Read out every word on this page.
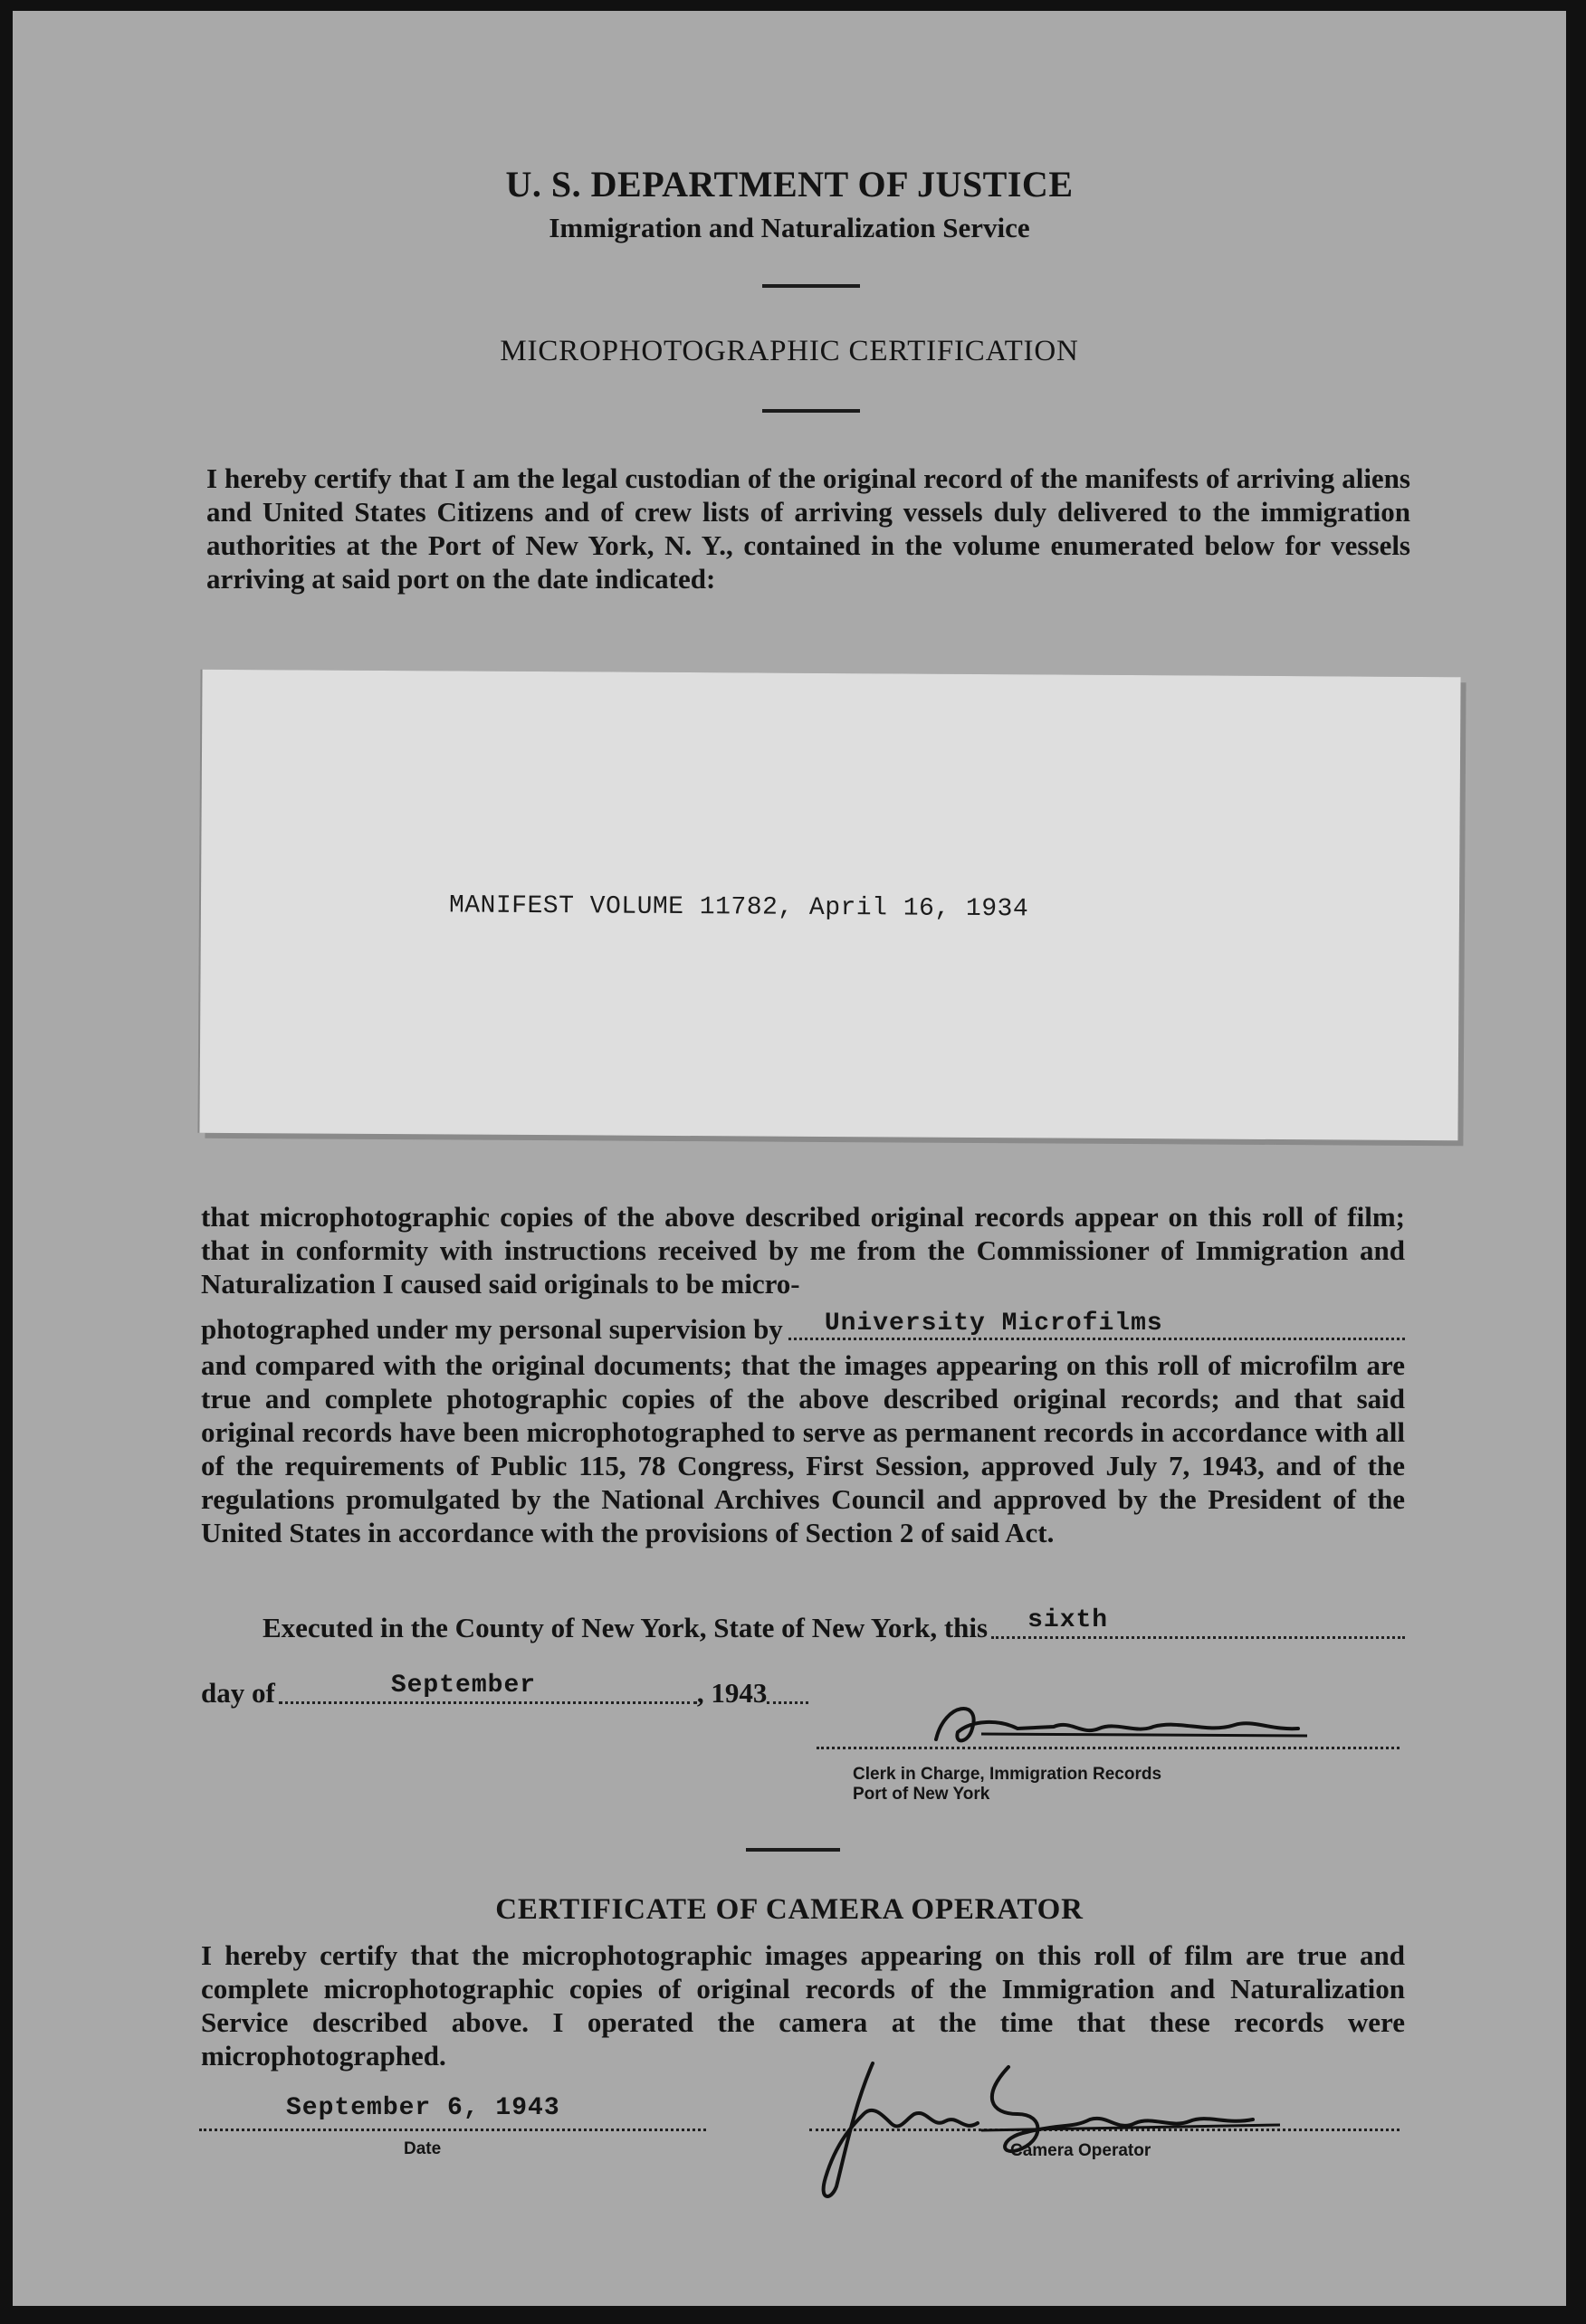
U. S. DEPARTMENT OF JUSTICE
Immigration and Naturalization Service
MICROPHOTOGRAPHIC CERTIFICATION
I hereby certify that I am the legal custodian of the original record of the manifests of arriving aliens and United States Citizens and of crew lists of arriving vessels duly delivered to the immigration authorities at the Port of New York, N. Y., contained in the volume enumerated below for vessels arriving at said port on the date indicated:
MANIFEST VOLUME 11782, April 16, 1934
that microphotographic copies of the above described original records appear on this roll of film; that in conformity with instructions received by me from the Commissioner of Immigration and Naturalization I caused said originals to be micro-
photographed under my personal supervision by University Microfilms
and compared with the original documents; that the images appearing on this roll of microfilm are true and complete photographic copies of the above described original records; and that said original records have been microphotographed to serve as permanent records in accordance with all of the requirements of Public 115, 78 Congress, First Session, approved July 7, 1943, and of the regulations promulgated by the National Archives Council and approved by the President of the United States in accordance with the provisions of Section 2 of said Act.
Executed in the County of New York, State of New York, this sixth
day of	September	, 1943
Clerk in Charge, Immigration Records
Port of New York
CERTIFICATE OF CAMERA OPERATOR
I hereby certify that the microphotographic images appearing on this roll of film are true and complete microphotographic copies of original records of the Immigration and Naturalization Service described above. I operated the camera at the time that these records were microphotographed.
September 6, 1943
Date	Camera Operator
